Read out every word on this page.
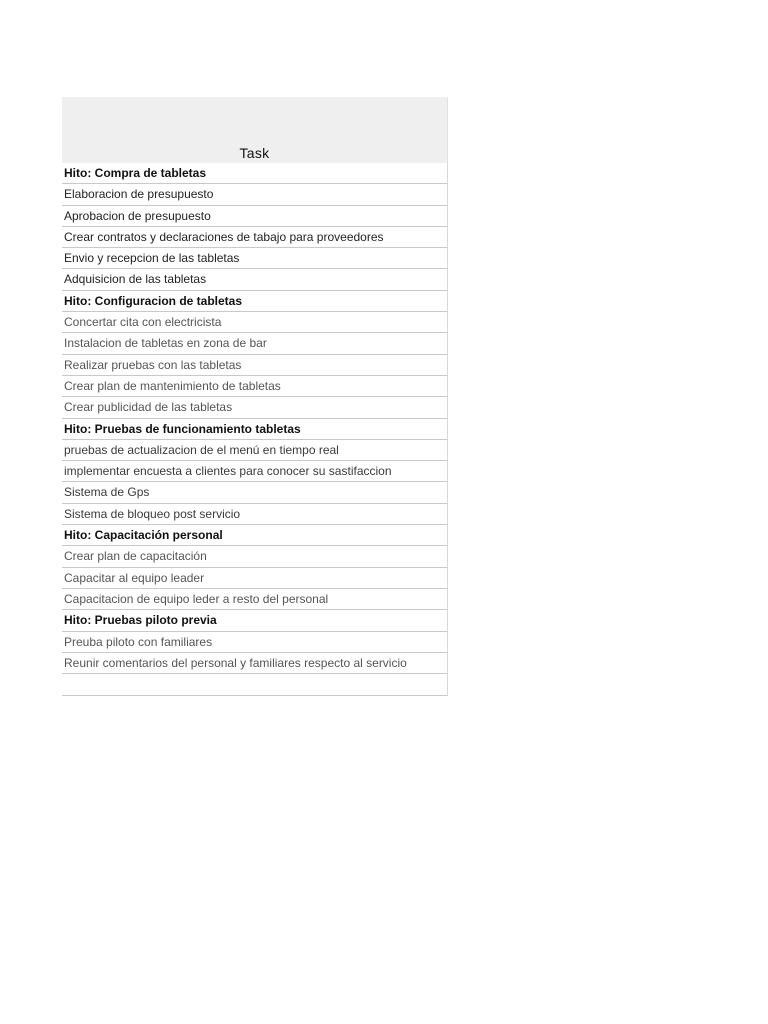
Task
Hito: Compra de tabletas
Elaboracion de presupuesto
Aprobacion de presupuesto
Crear contratos y declaraciones de tabajo para proveedores
Envio y recepcion de las tabletas
Adquisicion de las tabletas
Hito: Configuracion de tabletas
Concertar cita con electricista
Instalacion de tabletas en zona de bar
Realizar pruebas con las tabletas
Crear plan de mantenimiento de tabletas
Crear publicidad de las tabletas
Hito: Pruebas de funcionamiento tabletas
pruebas de actualizacion de el menú en tiempo real
implementar encuesta a clientes para conocer su sastifaccion
Sistema de Gps
Sistema de bloqueo post servicio
Hito: Capacitación personal
Crear plan de capacitación
Capacitar al equipo leader
Capacitacion de equipo leder a resto del personal
Hito: Pruebas piloto previa
Preuba piloto con familiares
Reunir comentarios del personal y familiares respecto al servicio
